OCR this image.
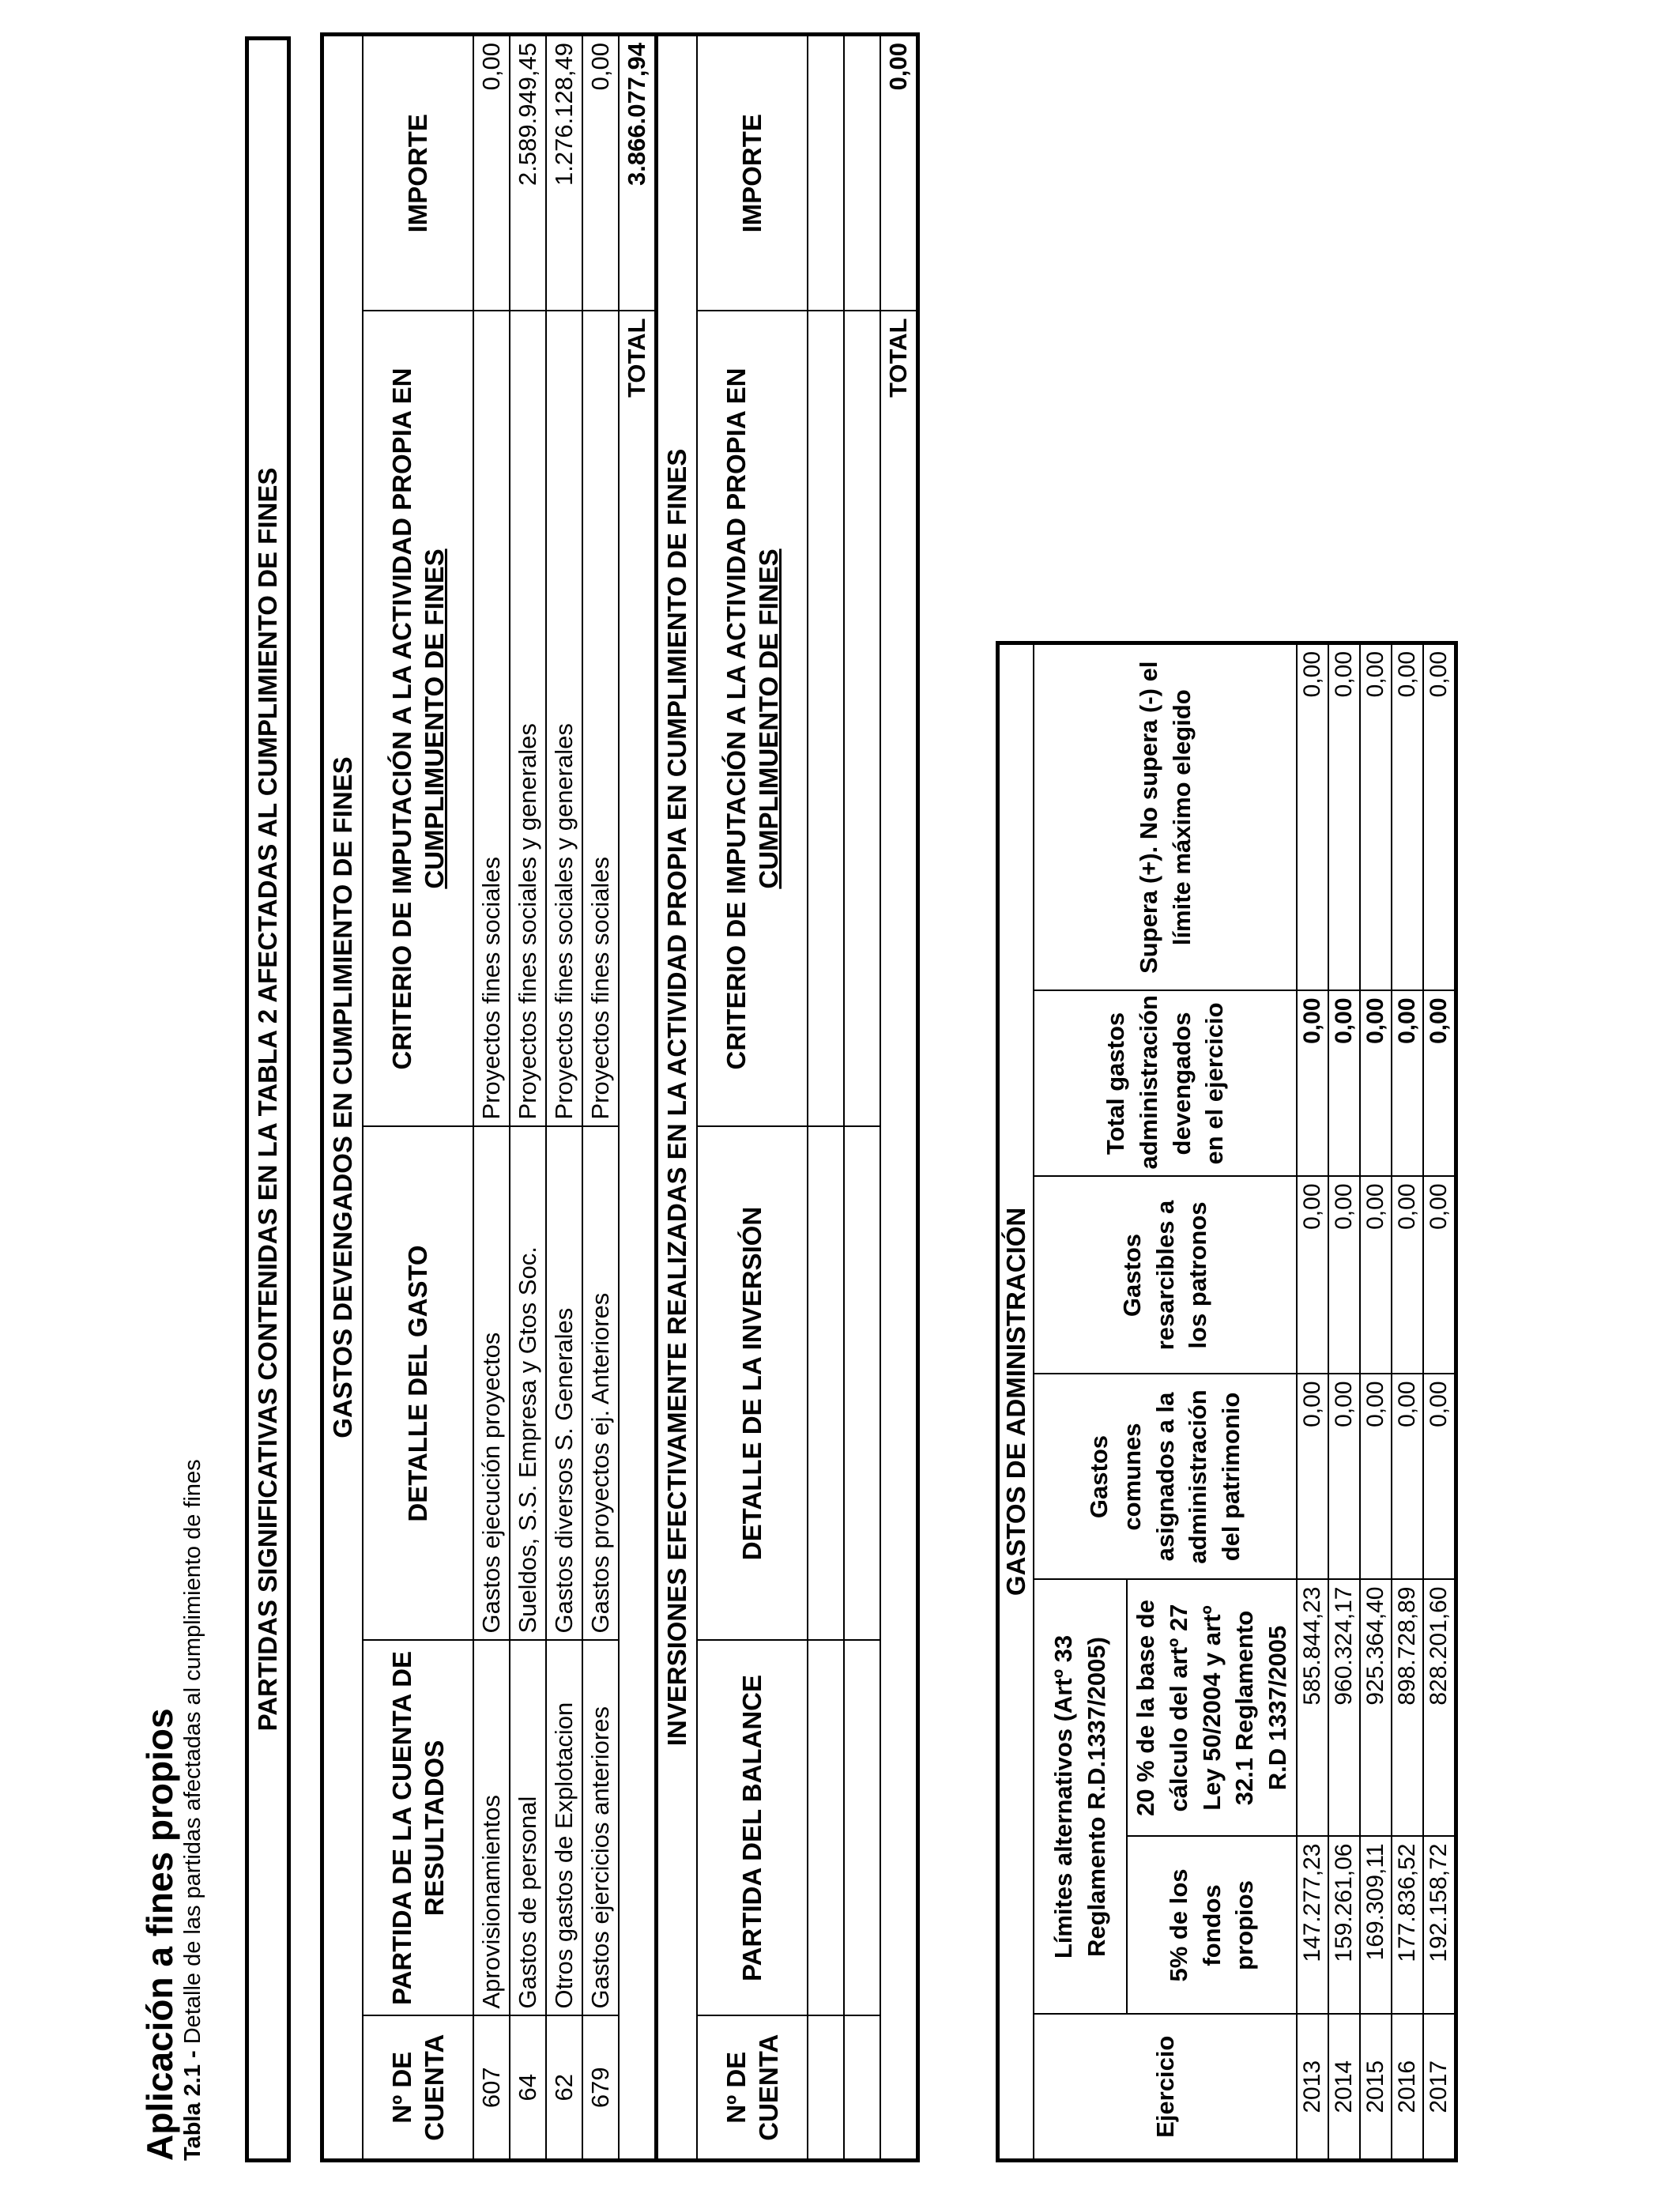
Aplicación a fines propios Tabla 2.1 - Detalle de las partidas afectadas al cumplimiento de fines
PARTIDAS SIGNIFICATIVAS CONTENIDAS EN LA TABLA 2 AFECTADAS AL CUMPLIMIENTO DE FINES GASTOS DEVENGADOS EN CUMPLIMIENTO DE FINES				
Nº DE CUENTA	PARTIDA DE LA CUENTA DE RESULTADOS	DETALLE DEL GASTO	CRITERIO DE IMPUTACIÓN A LA ACTIVIDAD PROPIA EN CUMPLIMUENTO DE FINES	IMPORTE
607	Aprovisionamientos	Gastos ejecución proyectos	Proyectos fines sociales	0,00
64	Gastos de personal	Sueldos, S.S. Empresa y Gtos Soc.	Proyectos fines sociales y generales	2.589.949,45
62	Otros gastos de Explotacion	Gastos diversos S. Generales	Proyectos fines sociales y generales	1.276.128,49
679	Gastos ejercicios anteriores	Gastos proyectos ej. Anteriores	Proyectos fines sociales	0,00
TOTAL				3.866.077,94
INVERSIONES EFECTIVAMENTE REALIZADAS EN LA ACTIVIDAD PROPIA EN CUMPLIMIENTO DE FINES				
Nº DE CUENTA	PARTIDA DEL BALANCE	DETALLE DE LA INVERSIÓN	CRITERIO DE IMPUTACIÓN A LA ACTIVIDAD PROPIA EN CUMPLIMUENTO DE FINES	IMPORTE

TOTAL				0,00
GASTOS DE ADMINISTRACIÓN						
Ejercicio	Límites alternativos (Artº 33 Reglamento R.D.1337/2005)		Gastos comunes asignados a la administración del patrimonio	Gastos resarcibles a los patronos	Total gastos administración devengados en el ejercicio	Supera (+). No supera (-) el límite máximo elegido
	5% de los fondos propios	20 % de la base de cálculo del artº 27 Ley 50/2004 y artº 32.1 Reglamento R.D 1337/2005				
2013	147.277,23	585.844,23	0,00	0,00	0,00	0,00
2014	159.261,06	960.324,17	0,00	0,00	0,00	0,00
2015	169.309,11	925.364,40	0,00	0,00	0,00	0,00
2016	177.836,52	898.728,89	0,00	0,00	0,00	0,00
2017	192.158,72	828.201,60	0,00	0,00	0,00	0,00
